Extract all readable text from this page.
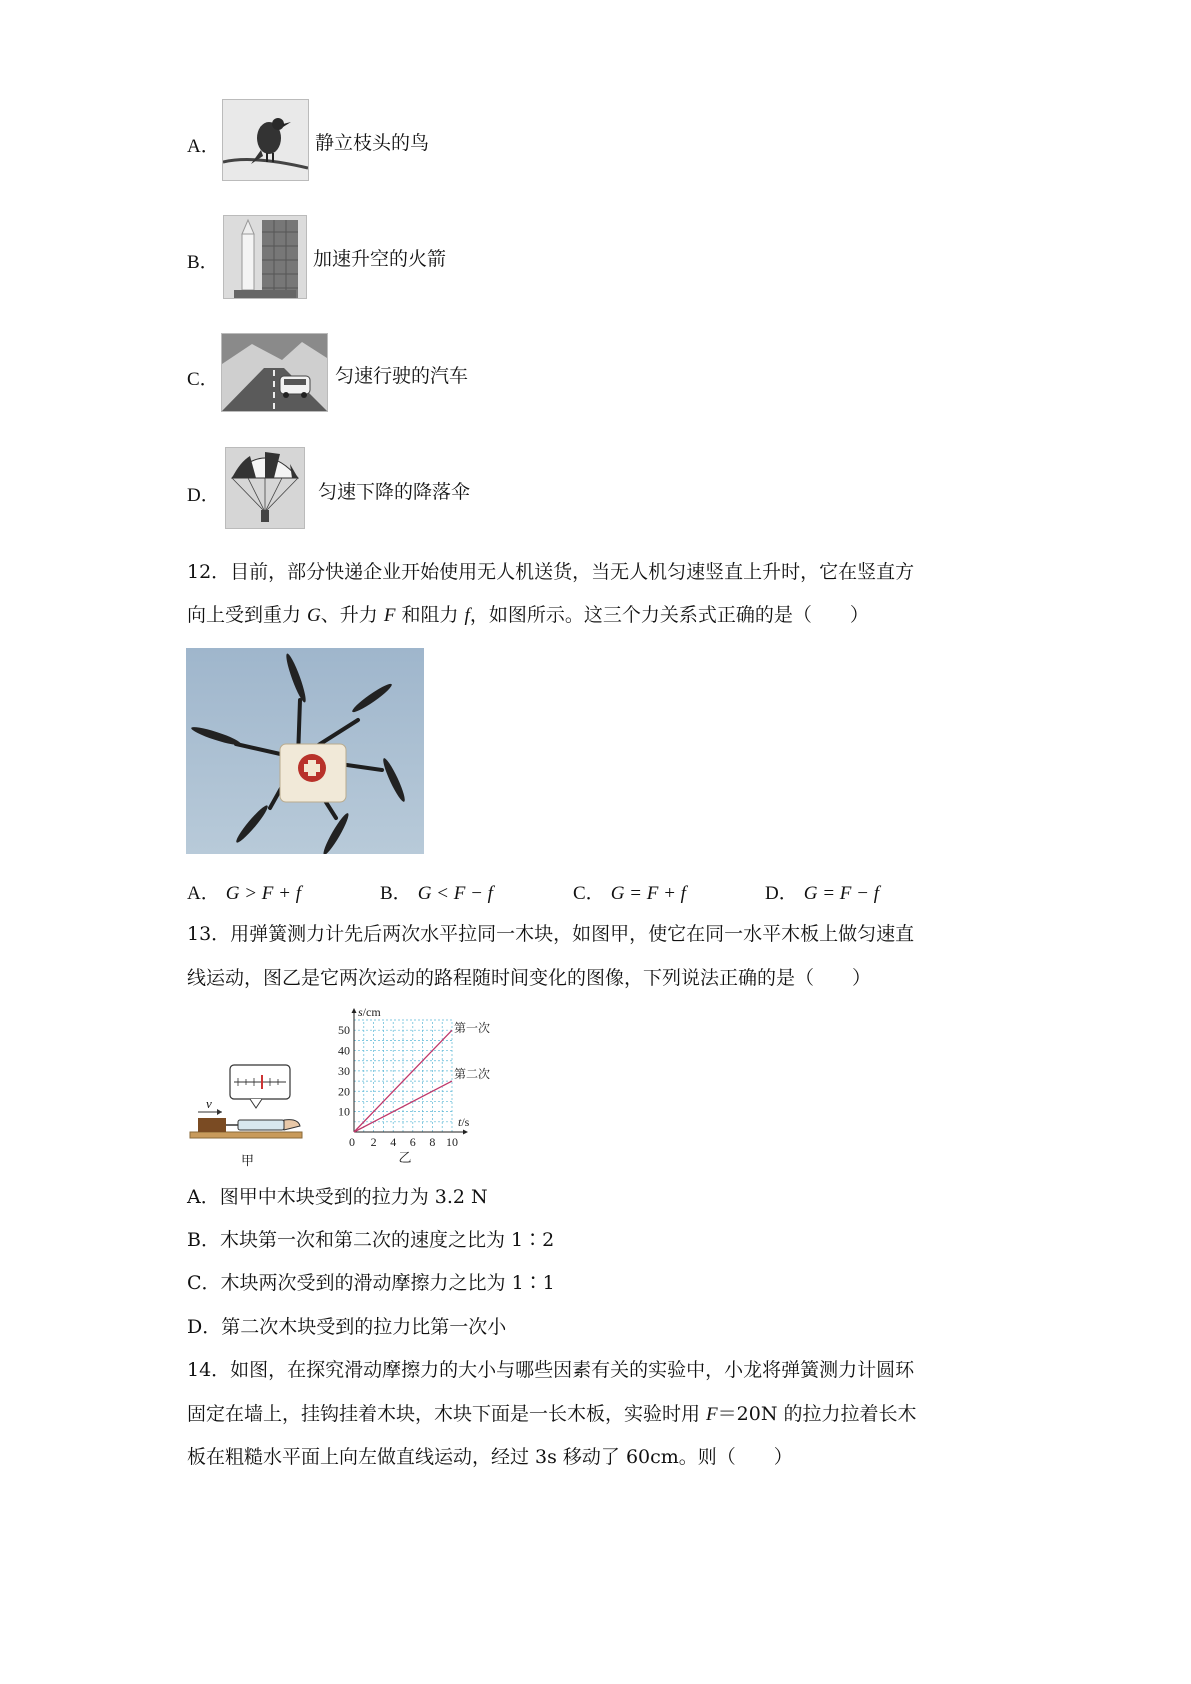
A．	静立枝头的鸟
B．	加速升空的火箭
C．	匀速行驶的汽车
D．	匀速下降的降落伞
12．目前，部分快递企业开始使用无人机送货，当无人机匀速竖直上升时，它在竖直方
向上受到重力 G、升力 F 和阻力 f，如图所示。这三个力关系式正确的是（　　）
A． G > F + f	B． G < F − f	C． G = F + f	D． G = F − f
13．用弹簧测力计先后两次水平拉同一木块，如图甲，使它在同一水平木板上做匀速直
线运动，图乙是它两次运动的路程随时间变化的图像，下列说法正确的是（　　）
v
甲
10
20
30
40
50
0 2 4 6 8 10
s/cm
t/s
第一次
第二次
乙
A．图甲中木块受到的拉力为 3.2 N
B．木块第一次和第二次的速度之比为 1∶2
C．木块两次受到的滑动摩擦力之比为 1∶1
D．第二次木块受到的拉力比第一次小
14．如图，在探究滑动摩擦力的大小与哪些因素有关的实验中，小龙将弹簧测力计圆环
固定在墙上，挂钩挂着木块，木块下面是一长木板，实验时用 F＝20N 的拉力拉着长木
板在粗糙水平面上向左做直线运动，经过 3s 移动了 60cm。则（　　）
